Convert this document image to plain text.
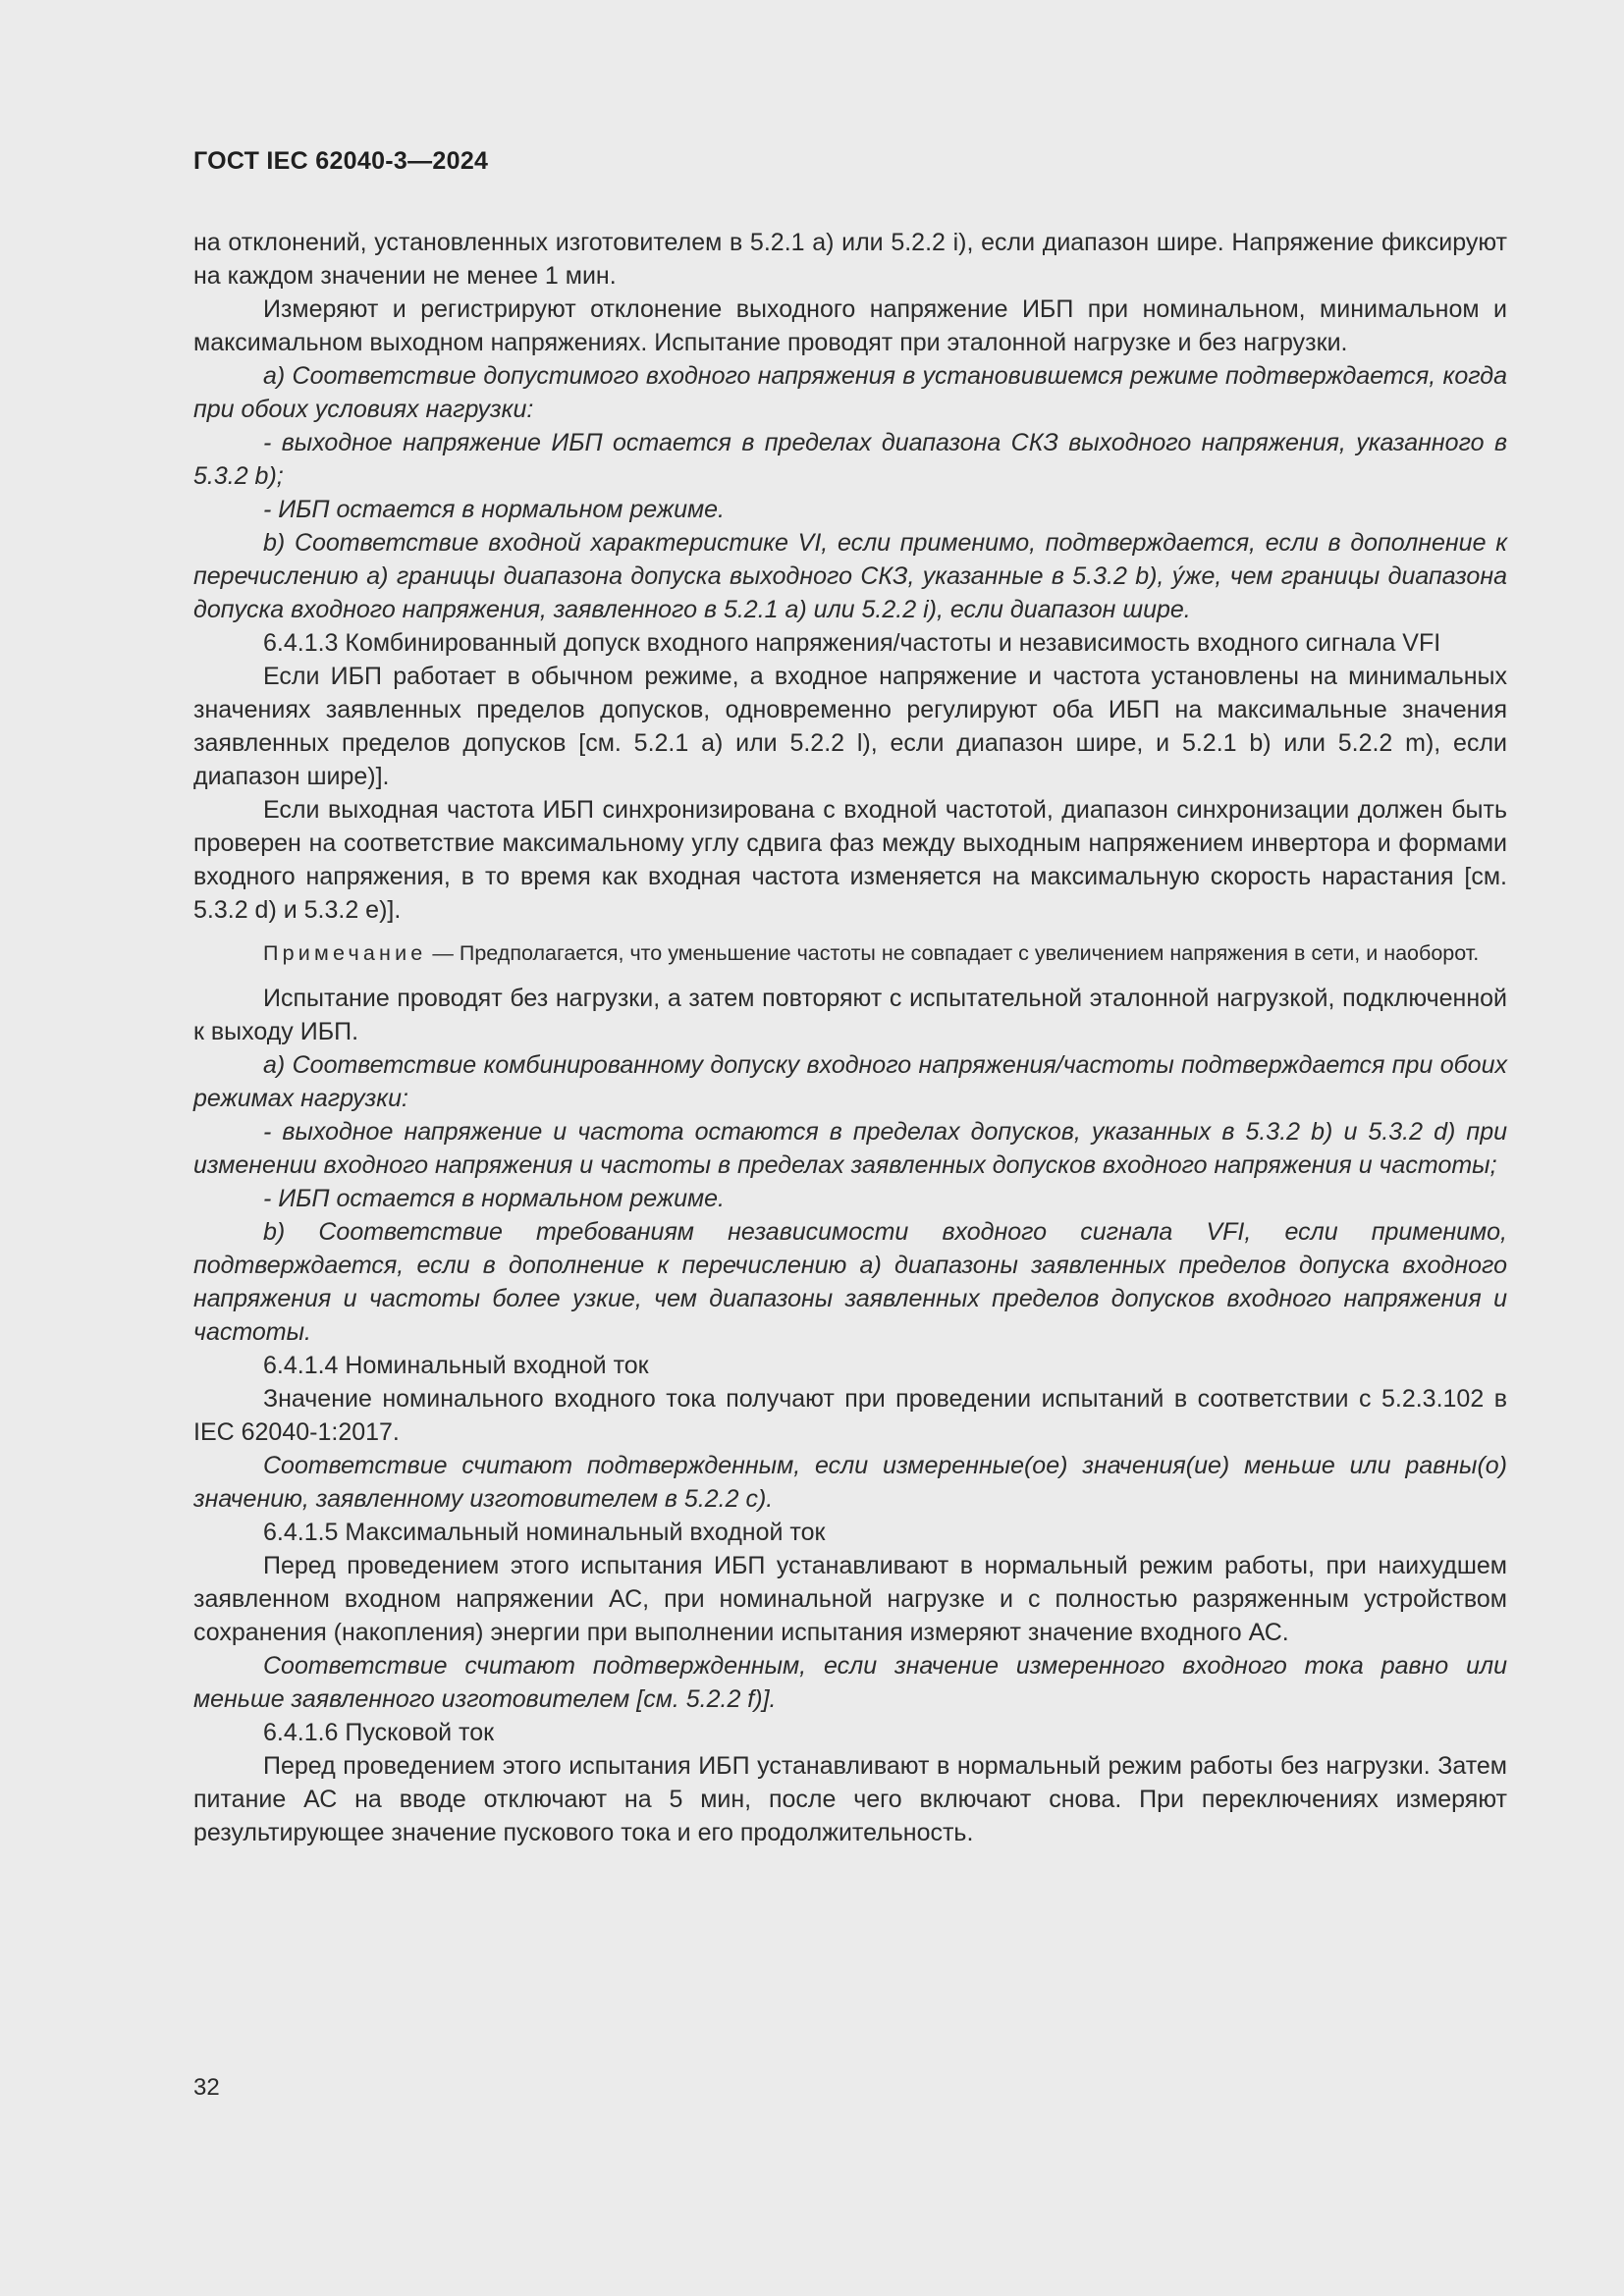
ГОСТ IEC 62040-3—2024

на отклонений, установленных изготовителем в 5.2.1 а) или 5.2.2 i), если диапазон шире. Напряжение фиксируют на каждом значении не менее 1 мин.

Измеряют и регистрируют отклонение выходного напряжение ИБП при номинальном, минимальном и максимальном выходном напряжениях. Испытание проводят при эталонной нагрузке и без нагрузки.

а) Соответствие допустимого входного напряжения в установившемся режиме подтверждается, когда при обоих условиях нагрузки:

- выходное напряжение ИБП остается в пределах диапазона СКЗ выходного напряжения, указанного в 5.3.2 b);

- ИБП остается в нормальном режиме.

b) Соответствие входной характеристике VI, если применимо, подтверждается, если в дополнение к перечислению а) границы диапазона допуска выходного СКЗ, указанные в 5.3.2 b), у́же, чем границы диапазона допуска входного напряжения, заявленного в 5.2.1 а) или 5.2.2 i), если диапазон шире.

6.4.1.3 Комбинированный допуск входного напряжения/частоты и независимость входного сигнала VFI

Если ИБП работает в обычном режиме, а входное напряжение и частота установлены на минимальных значениях заявленных пределов допусков, одновременно регулируют оба ИБП на максимальные значения заявленных пределов допусков [см. 5.2.1 а) или 5.2.2 l), если диапазон шире, и 5.2.1 b) или 5.2.2 m), если диапазон шире)].

Если выходная частота ИБП синхронизирована с входной частотой, диапазон синхронизации должен быть проверен на соответствие максимальному углу сдвига фаз между выходным напряжением инвертора и формами входного напряжения, в то время как входная частота изменяется на максимальную скорость нарастания [см. 5.3.2 d) и 5.3.2 е)].

Примечание — Предполагается, что уменьшение частоты не совпадает с увеличением напряжения в сети, и наоборот.

Испытание проводят без нагрузки, а затем повторяют с испытательной эталонной нагрузкой, подключенной к выходу ИБП.

а) Соответствие комбинированному допуску входного напряжения/частоты подтверждается при обоих режимах нагрузки:

- выходное напряжение и частота остаются в пределах допусков, указанных в 5.3.2 b) и 5.3.2 d) при изменении входного напряжения и частоты в пределах заявленных допусков входного напряжения и частоты;

- ИБП остается в нормальном режиме.

b) Соответствие требованиям независимости входного сигнала VFI, если применимо, подтверждается, если в дополнение к перечислению а) диапазоны заявленных пределов допуска входного напряжения и частоты более узкие, чем диапазоны заявленных пределов допусков входного напряжения и частоты.

6.4.1.4 Номинальный входной ток

Значение номинального входного тока получают при проведении испытаний в соответствии с 5.2.3.102 в IEC 62040-1:2017.

Соответствие считают подтвержденным, если измеренные(ое) значения(ие) меньше или равны(о) значению, заявленному изготовителем в 5.2.2 с).

6.4.1.5 Максимальный номинальный входной ток

Перед проведением этого испытания ИБП устанавливают в нормальный режим работы, при наихудшем заявленном входном напряжении АС, при номинальной нагрузке и с полностью разряженным устройством сохранения (накопления) энергии при выполнении испытания измеряют значение входного АС.

Соответствие считают подтвержденным, если значение измеренного входного тока равно или меньше заявленного изготовителем [см. 5.2.2 f)].

6.4.1.6 Пусковой ток

Перед проведением этого испытания ИБП устанавливают в нормальный режим работы без нагрузки. Затем питание АС на вводе отключают на 5 мин, после чего включают снова. При переключениях измеряют результирующее значение пускового тока и его продолжительность.

32
